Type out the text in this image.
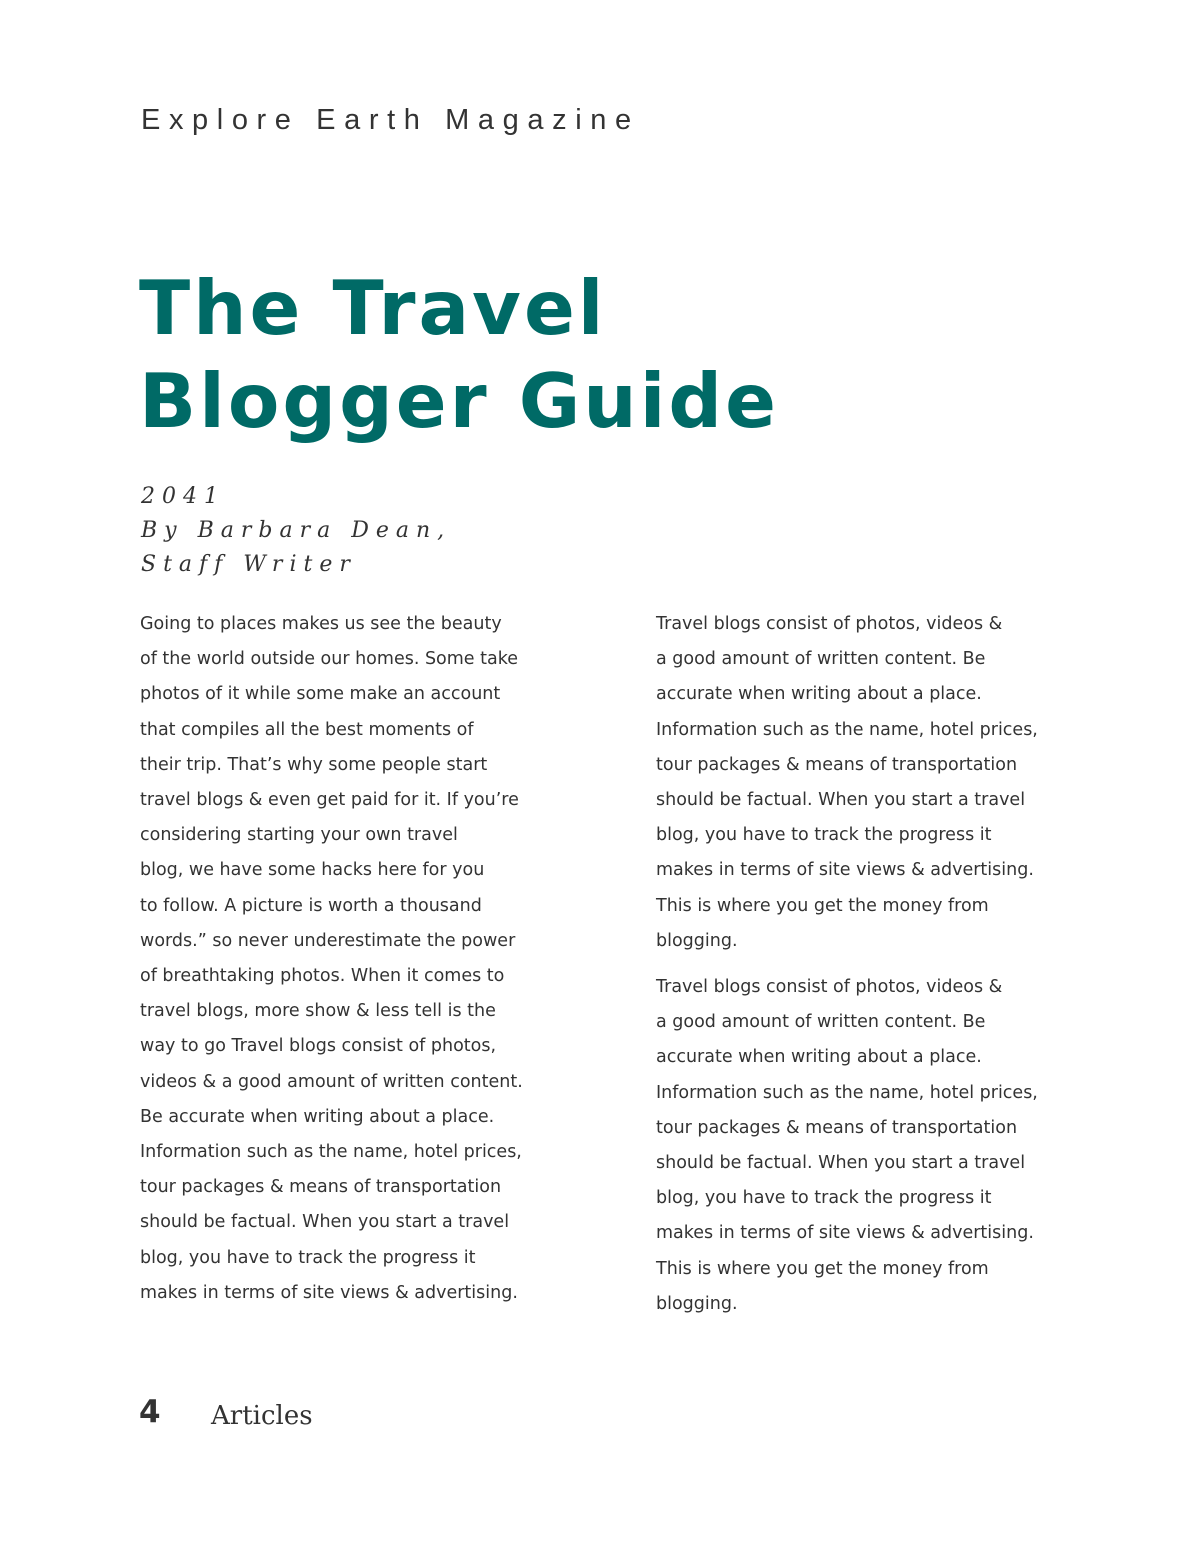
Explore Earth Magazine
The Travel
Blogger Guide
2041
By Barbara Dean,
Staff Writer
Going to places makes us see the beauty
of the world outside our homes. Some take
photos of it while some make an account
that compiles all the best moments of
their trip. That’s why some people start
travel blogs & even get paid for it. If you’re
considering starting your own travel
blog, we have some hacks here for you
to follow. A picture is worth a thousand
words.” so never underestimate the power
of breathtaking photos. When it comes to
travel blogs, more show & less tell is the
way to go Travel blogs consist of photos,
videos & a good amount of written content.
Be accurate when writing about a place.
Information such as the name, hotel prices,
tour packages & means of transportation
should be factual. When you start a travel
blog, you have to track the progress it
makes in terms of site views & advertising.
Travel blogs consist of photos, videos &
a good amount of written content. Be
accurate when writing about a place.
Information such as the name, hotel prices,
tour packages & means of transportation
should be factual. When you start a travel
blog, you have to track the progress it
makes in terms of site views & advertising.
This is where you get the money from
blogging.
Travel blogs consist of photos, videos &
a good amount of written content. Be
accurate when writing about a place.
Information such as the name, hotel prices,
tour packages & means of transportation
should be factual. When you start a travel
blog, you have to track the progress it
makes in terms of site views & advertising.
This is where you get the money from
blogging.
4 Articles
